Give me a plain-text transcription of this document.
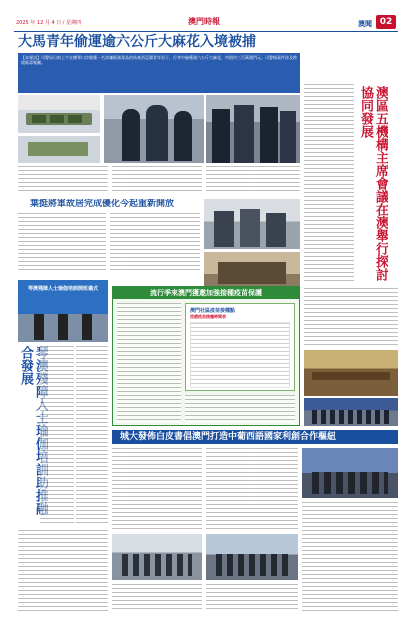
2025 年 12 月 4 日 / 星期四	澳門時報	澳聞 02
大馬青年偷運逾六公斤大麻花入境被捕
【本報訊】司警局日前上午在橫琴口岸截獲一名涉嫌販運毒品的馬來西亞籍青年男子，行李中檢獲逾六公斤大麻花，市值約三百萬澳門元。司警指案件涉及跨境販毒集團。
澳區五機構主席會議在澳舉行探討協同發展
葉挺將軍故居完成優化今起重新開放
琴澳殘障人士瑜伽培訓開班儀式
合發展
流行季來澳門獲邀加強接種疫苗保護
澳門社區疫苗接種點
流感疫苗接種時間表
城大發佈白皮書倡澳門打造中葡西語國家利創合作樞紐
